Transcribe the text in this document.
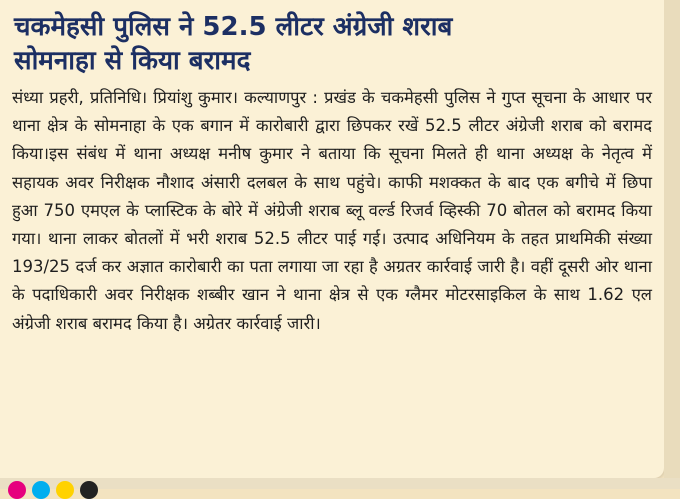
चकमेहसी पुलिस ने 52.5 लीटर अंग्रेजी शराब
सोमनाहा से किया बरामद

संध्या प्रहरी, प्रतिनिधि। प्रियांशु कुमार। कल्याणपुर : प्रखंड के चकमेहसी पुलिस ने गुप्त सूचना के आधार पर थाना क्षेत्र के सोमनाहा के एक बगान में कारोबारी द्वारा छिपकर रखें 52.5 लीटर अंग्रेजी शराब को बरामद किया।इस संबंध में थाना अध्यक्ष मनीष कुमार ने बताया कि सूचना मिलते ही थाना अध्यक्ष के नेतृत्व में सहायक अवर निरीक्षक नौशाद अंसारी दलबल के साथ पहुंचे। काफी मशक्कत के बाद एक बगीचे में छिपा हुआ 750 एमएल के प्लास्टिक के बोरे में अंग्रेजी शराब ब्लू वर्ल्ड रिजर्व व्हिस्की 70 बोतल को बरामद किया गया। थाना लाकर बोतलों में भरी शराब 52.5 लीटर पाई गई। उत्पाद अधिनियम के तहत प्राथमिकी संख्या 193/25 दर्ज कर अज्ञात कारोबारी का पता लगाया जा रहा है अग्रतर कार्रवाई जारी है। वहीं दूसरी ओर थाना के पदाधिकारी अवर निरीक्षक शब्बीर खान ने थाना क्षेत्र से एक ग्लैमर मोटरसाइकिल के साथ 1.62 एल अंग्रेजी शराब बरामद किया है। अग्रेतर कार्रवाई जारी।
